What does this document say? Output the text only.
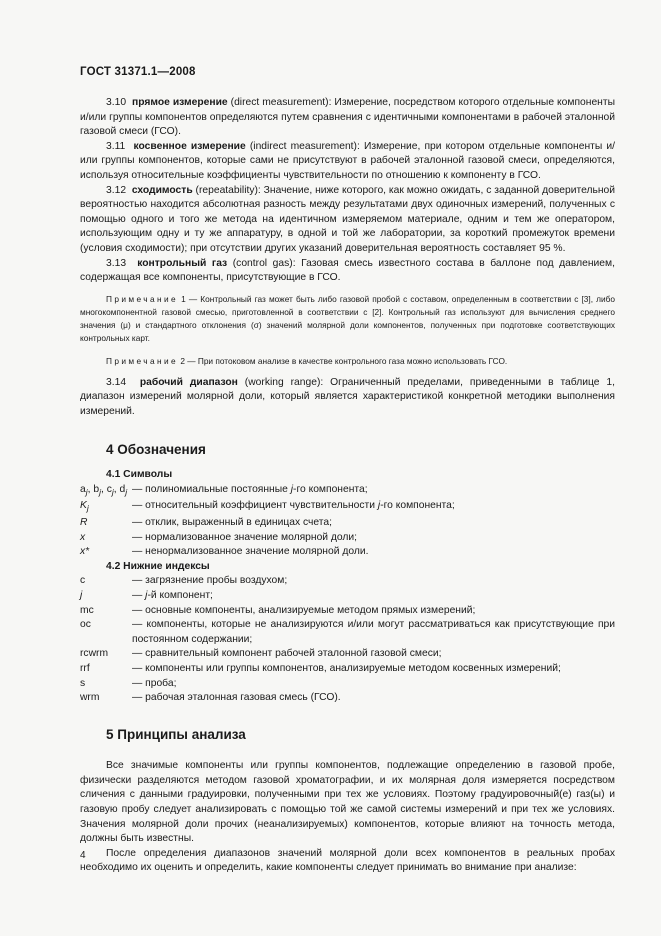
ГОСТ 31371.1—2008

3.10 прямое измерение (direct measurement): Измерение, посредством которого отдельные компоненты и/или группы компонентов определяются путем сравнения с идентичными компонентами в рабочей эталонной газовой смеси (ГСО).

3.11 косвенное измерение (indirect measurement): Измерение, при котором отдельные компоненты и/или группы компонентов, которые сами не присутствуют в рабочей эталонной газовой смеси, определяются, используя относительные коэффициенты чувствительности по отношению к компоненту в ГСО.

3.12 сходимость (repeatability): Значение, ниже которого, как можно ожидать, с заданной доверительной вероятностью находится абсолютная разность между результатами двух одиночных измерений, полученных с помощью одного и того же метода на идентичном измеряемом материале, одним и тем же оператором, использующим одну и ту же аппаратуру, в одной и той же лаборатории, за короткий промежуток времени (условия сходимости); при отсутствии других указаний доверительная вероятность составляет 95 %.

3.13 контрольный газ (control gas): Газовая смесь известного состава в баллоне под давлением, содержащая все компоненты, присутствующие в ГСО.

Примечание 1 — Контрольный газ может быть либо газовой пробой с составом, определенным в соответствии с [3], либо многокомпонентной газовой смесью, приготовленной в соответствии с [2]. Контрольный газ используют для вычисления среднего значения (μ) и стандартного отклонения (σ) значений молярной доли компонентов, полученных при подготовке соответствующих контрольных карт.

Примечание 2 — При потоковом анализе в качестве контрольного газа можно использовать ГСО.

3.14 рабочий диапазон (working range): Ограниченный пределами, приведенными в таблице 1, диапазон измерений молярной доли, который является характеристикой конкретной методики выполнения измерений.

4 Обозначения

4.1 Символы

$a_j$, $b_j$, $c_j$, $d_j$ — полиномиальные постоянные j-го компонента;
$K_j$	— относительный коэффициент чувствительности j-го компонента;
R	— отклик, выраженный в единицах счета;
x	— нормализованное значение молярной доли;
x*	— ненормализованное значение молярной доли.

4.2 Нижние индексы

c	— загрязнение пробы воздухом;
j	— j-й компонент;
mc	— основные компоненты, анализируемые методом прямых измерений;
oc	— компоненты, которые не анализируются и/или могут рассматриваться как присутствующие при постоянном содержании;
rcwrm	— сравнительный компонент рабочей эталонной газовой смеси;
rrf	— компоненты или группы компонентов, анализируемые методом косвенных измерений;
s	— проба;
wrm	— рабочая эталонная газовая смесь (ГСО).
5 Принципы анализа

Все значимые компоненты или группы компонентов, подлежащие определению в газовой пробе, физически разделяются методом газовой хроматографии, и их молярная доля измеряется посредством сличения с данными градуировки, полученными при тех же условиях. Поэтому градуировочный(е) газ(ы) и газовую пробу следует анализировать с помощью той же самой системы измерений и при тех же условиях. Значения молярной доли прочих (неанализируемых) компонентов, которые влияют на точность метода, должны быть известны.

После определения диапазонов значений молярной доли всех компонентов в реальных пробах необходимо их оценить и определить, какие компоненты следует принимать во внимание при анализе:

4
